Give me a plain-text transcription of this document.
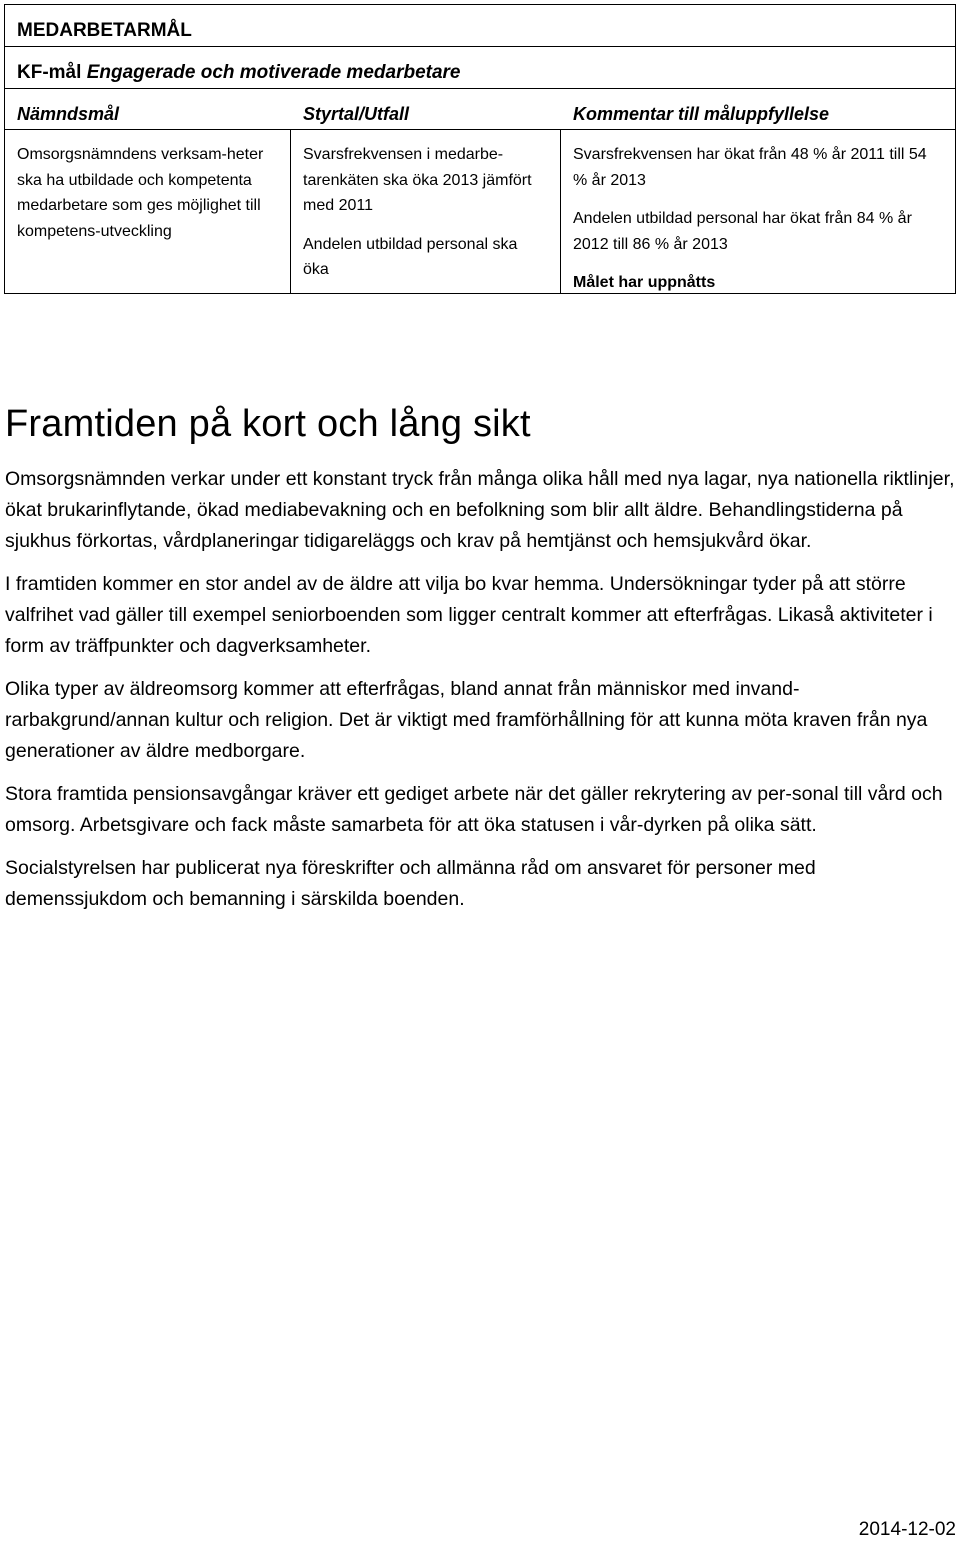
MEDARBETARMÅL
KF-mål Engagerade och motiverade medarbetare
Nämndsmål	Styrtal/Utfall	Kommentar till måluppfyllelse

Omsorgsnämndens verksam-heter ska ha utbildade och kompetenta medarbetare som ges möjlighet till kompetens-utveckling

Svarsfrekvensen i medarbe-tarenkäten ska öka 2013 jämfört med 2011

Andelen utbildad personal ska öka

Svarsfrekvensen har ökat från 48 % år 2011 till 54 % år 2013

Andelen utbildad personal har ökat från 84 % år 2012 till 86 % år 2013

Målet har uppnåtts

Framtiden på kort och lång sikt

Omsorgsnämnden verkar under ett konstant tryck från många olika håll med nya lagar, nya nationella riktlinjer, ökat brukarinflytande, ökad mediabevakning och en befolkning som blir allt äldre. Behandlingstiderna på sjukhus förkortas, vårdplaneringar tidigareläggs och krav på hemtjänst och hemsjukvård ökar.

I framtiden kommer en stor andel av de äldre att vilja bo kvar hemma. Undersökningar tyder på att större valfrihet vad gäller till exempel seniorboenden som ligger centralt kommer att efterfrågas. Likaså aktiviteter i form av träffpunkter och dagverksamheter.

Olika typer av äldreomsorg kommer att efterfrågas, bland annat från människor med invand-rarbakgrund/annan kultur och religion. Det är viktigt med framförhållning för att kunna möta kraven från nya generationer av äldre medborgare.

Stora framtida pensionsavgångar kräver ett gediget arbete när det gäller rekrytering av per-sonal till vård och omsorg. Arbetsgivare och fack måste samarbeta för att öka statusen i vår-dyrken på olika sätt.

Socialstyrelsen har publicerat nya föreskrifter och allmänna råd om ansvaret för personer med demenssjukdom och bemanning i särskilda boenden.

2014-12-02
